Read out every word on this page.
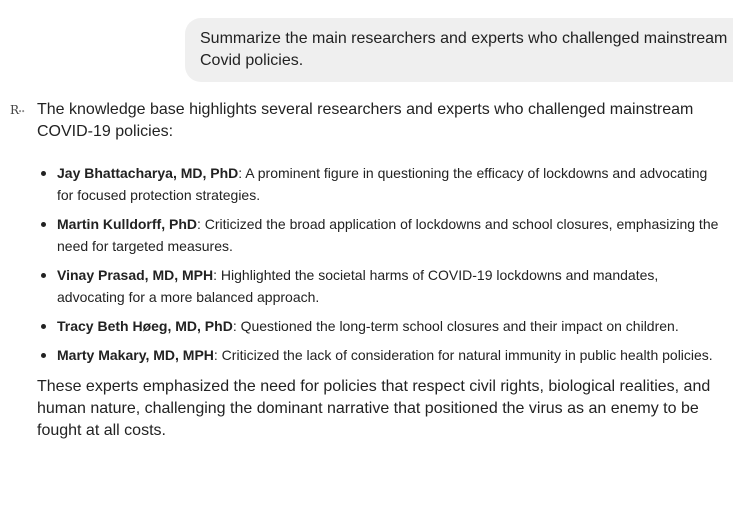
Summarize the main researchers and experts who challenged mainstream Covid policies.
R•• The knowledge base highlights several researchers and experts who challenged mainstream COVID-19 policies:

Jay Bhattacharya, MD, PhD: A prominent figure in questioning the efficacy of lockdowns and advocating for focused protection strategies.
Martin Kulldorff, PhD: Criticized the broad application of lockdowns and school closures, emphasizing the need for targeted measures.
Vinay Prasad, MD, MPH: Highlighted the societal harms of COVID-19 lockdowns and mandates, advocating for a more balanced approach.
Tracy Beth Høeg, MD, PhD: Questioned the long-term school closures and their impact on children.
Marty Makary, MD, MPH: Criticized the lack of consideration for natural immunity in public health policies.

These experts emphasized the need for policies that respect civil rights, biological realities, and human nature, challenging the dominant narrative that positioned the virus as an enemy to be fought at all costs.
